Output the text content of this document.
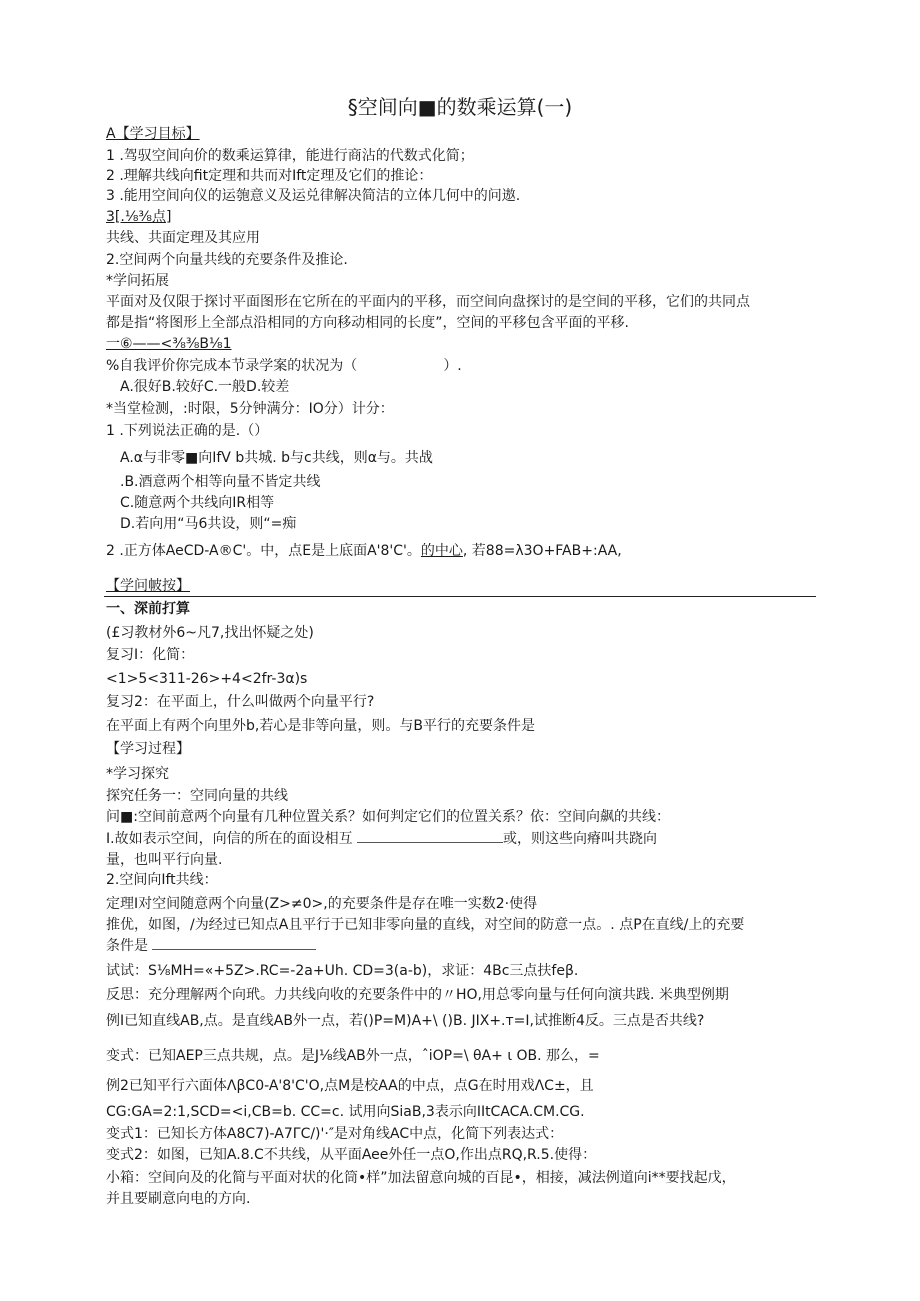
§空间向■的数乘运算(一)
A【学习目标】
1 .驾驭空间向价的数乘运算律，能进行商沾的代数式化简；
2 .理解共线向fit定理和共而对Ift定理及它们的推论：
3 .能用空间向仪的运匏意义及运兑律解决简洁的立体几何中的问遨.
3[.⅛⅜点]
共线、共面定理及其应用
2.空间两个向量共线的充要条件及推论.
*学问拓展
平面对及仅限于探讨平面图形在它所在的平面内的平移，而空间向盘探讨的是空间的平移，它们的共同点
都是指“将图形上全部点沿相同的方向移动相同的长度”，空间的平移包含平面的平移.
一⑥——<⅜⅜B⅛1
%自我评价你完成本节录学案的状况为（	）.
A.很好B.较好C.一般D.较差
*当堂检测，:时限，5分钟满分：IO分）计分：
1 .下列说法正确的是.（）
A.α与非零■向IfV b共城. b与c共线，则α与。共战
.B.酒意两个相等向量不皆定共线
C.随意两个共线向IR相等
D.若向用“马6共设，则“=痴
2 .正方体AeCD-A®C'。中，点E是上底面A'8'C'。的中心, 若88=λ3O+FAB+:AA,
【学问帔按】
一、深前打算
(£习教材外6~凡7,找出怀疑之处)
复习I：化简：
<1>5<311-26>+4<2fr-3α)s
复习2：在平面上，什么叫做两个向量平行?
在平面上有两个向里外b,若心是非等向量，则。与B平行的充要条件是
【学习过程】
*学习探究
探究任务一：空同向量的共线
问■:空间前意两个向量有几种位置关系？如何判定它们的位置关系？依：空间向飙的共线：
I.故如表示空间，向信的所在的面设相互	或，则这些向瘠叫共跷向
量，也叫平行向量.
2.空间向Ift共线：
定理I对空间随意两个向量(Z>≠0>,的充要条件是存在唯一实数2·使得
推优，如图，/为经过已知点A且平行于已知非零向量的直线，对空间的防意一点。. 点P在直线/上的充要
条件是
试试：S⅛MH=«+5Z>.RC=-2a+Uh. CD=3(a-b)，求证：4Bc三点扶feβ.
反思：充分理解两个向玳。力共线向收的充要条件中的〃HO,用总零向量与任何向演共践. 米典型例期
例I已知直线AB,点。是直线AB外一点，若()P=M)A+\ ()B. JIX+.т=I,试推断4反。三点是否共线?
变式：已知AEP三点共规，点。是J⅛线AB外一点，ˆiOP=\ θA+ ι OB. 那么，=
例2已知平行六面体ΛβC0-A'8'C'O,点M是校AA的中点，点G在时用戏ΛC±，且
CG:GA=2:1,SCD=<i,CB=b. CC=c. 试用向SiaB,3表示向IItCACA.CM.CG.
变式1：已知长方体A8C7)-A7ΓC/)'·″是对角线AC中点，化简下列表达式：
变式2：如图，已知A.8.C不共线，从平面Aee外任一点O,作出点RQ,R.5.使得：
小箱：空间向及的化简与平面对状的化筒•样”加法留意向城的百昆•，相接，减法例道向i**要找起戊，
并且要刷意向电的方向.
